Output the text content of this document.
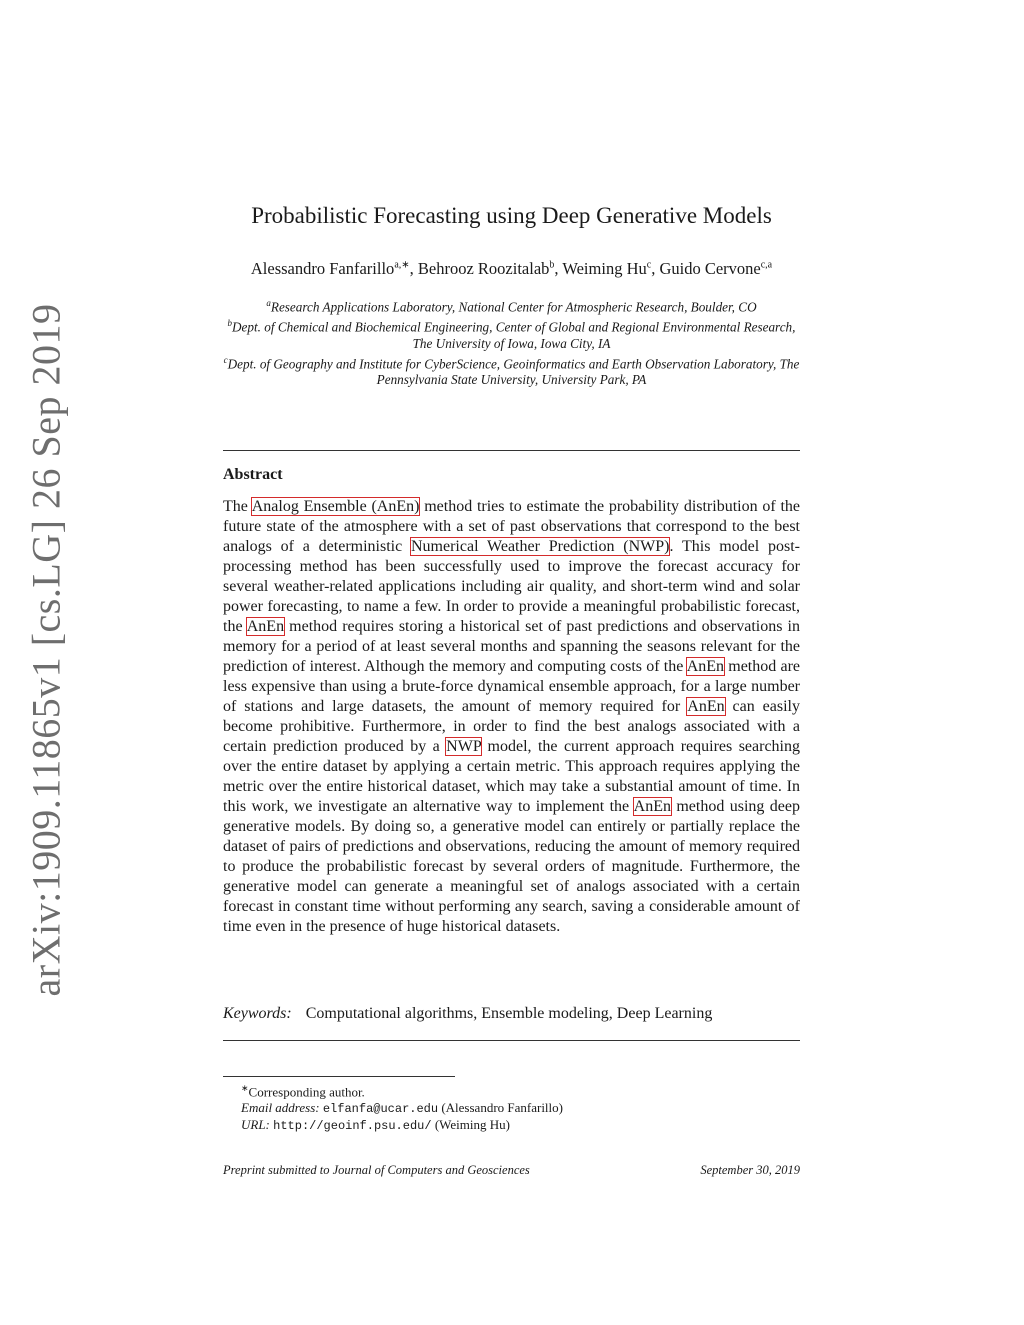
arXiv:1909.11865v1 [cs.LG] 26 Sep 2019
Probabilistic Forecasting using Deep Generative Models
Alessandro Fanfarillo$^{a,∗}$, Behrooz Roozitalab$^b$, Weiming Hu$^c$, Guido Cervone$^{c,a}$
$^a$Research Applications Laboratory, National Center for Atmospheric Research, Boulder, CO
$^b$Dept. of Chemical and Biochemical Engineering, Center of Global and Regional Environmental Research, The University of Iowa, Iowa City, IA
$^c$Dept. of Geography and Institute for CyberScience, Geoinformatics and Earth Observation Laboratory, The Pennsylvania State University, University Park, PA
Abstract
The Analog Ensemble (AnEn) method tries to estimate the probability distribution of the future state of the atmosphere with a set of past observations that correspond to the best analogs of a deterministic Numerical Weather Prediction (NWP). This model post-processing method has been successfully used to improve the forecast accuracy for several weather-related applications including air quality, and short-term wind and solar power forecasting, to name a few. In order to provide a meaningful probabilistic forecast, the AnEn method requires storing a historical set of past predictions and observations in memory for a period of at least several months and spanning the seasons relevant for the prediction of interest. Although the memory and computing costs of the AnEn method are less expensive than using a brute-force dynamical ensemble approach, for a large number of stations and large datasets, the amount of memory required for AnEn can easily become prohibitive. Furthermore, in order to find the best analogs associated with a certain prediction produced by a NWP model, the current approach requires searching over the entire dataset by applying a certain metric. This approach requires applying the metric over the entire historical dataset, which may take a substantial amount of time. In this work, we investigate an alternative way to implement the AnEn method using deep generative models. By doing so, a generative model can entirely or partially replace the dataset of pairs of predictions and observations, reducing the amount of memory required to produce the probabilistic forecast by several orders of magnitude. Furthermore, the generative model can generate a meaningful set of analogs associated with a certain forecast in constant time without performing any search, saving a considerable amount of time even in the presence of huge historical datasets.
Keywords: Computational algorithms, Ensemble modeling, Deep Learning
∗Corresponding author.
Email address: elfanfa@ucar.edu (Alessandro Fanfarillo)
URL: http://geoinf.psu.edu/ (Weiming Hu)
Preprint submitted to Journal of Computers and Geosciences	September 30, 2019
